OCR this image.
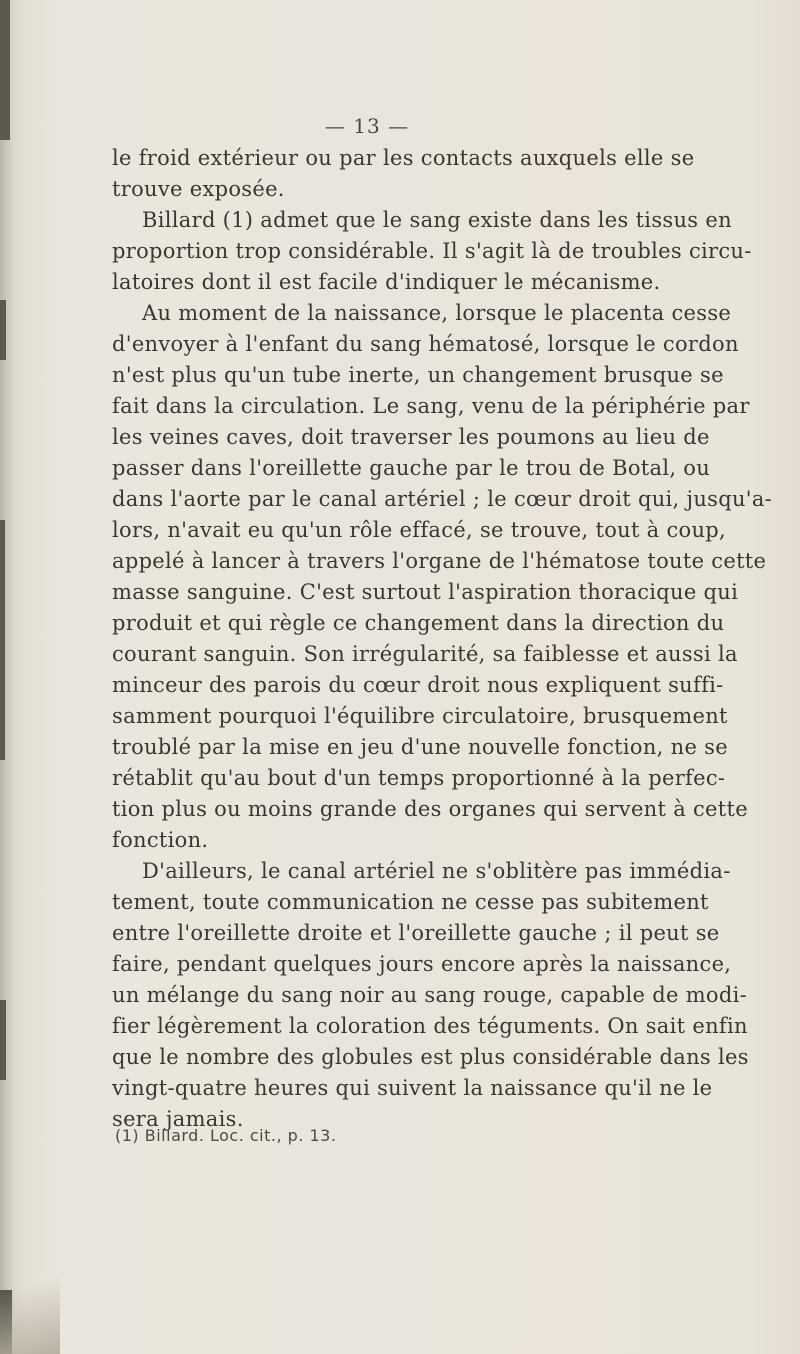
— 13 —
le froid extérieur ou par les contacts auxquels elle se
trouve exposée.
Billard (1) admet que le sang existe dans les tissus en
proportion trop considérable. Il s'agit là de troubles circu-
latoires dont il est facile d'indiquer le mécanisme.
Au moment de la naissance, lorsque le placenta cesse
d'envoyer à l'enfant du sang hématosé, lorsque le cordon
n'est plus qu'un tube inerte, un changement brusque se
fait dans la circulation. Le sang, venu de la périphérie par
les veines caves, doit traverser les poumons au lieu de
passer dans l'oreillette gauche par le trou de Botal, ou
dans l'aorte par le canal artériel ; le cœur droit qui, jusqu'a-
lors, n'avait eu qu'un rôle effacé, se trouve, tout à coup,
appelé à lancer à travers l'organe de l'hématose toute cette
masse sanguine. C'est surtout l'aspiration thoracique qui
produit et qui règle ce changement dans la direction du
courant sanguin. Son irrégularité, sa faiblesse et aussi la
minceur des parois du cœur droit nous expliquent suffi-
samment pourquoi l'équilibre circulatoire, brusquement
troublé par la mise en jeu d'une nouvelle fonction, ne se
rétablit qu'au bout d'un temps proportionné à la perfec-
tion plus ou moins grande des organes qui servent à cette
fonction.
D'ailleurs, le canal artériel ne s'oblitère pas immédia-
tement, toute communication ne cesse pas subitement
entre l'oreillette droite et l'oreillette gauche ; il peut se
faire, pendant quelques jours encore après la naissance,
un mélange du sang noir au sang rouge, capable de modi-
fier légèrement la coloration des téguments. On sait enfin
que le nombre des globules est plus considérable dans les
vingt-quatre heures qui suivent la naissance qu'il ne le
sera jamais.
(1) Billard. Loc. cit., p. 13.
